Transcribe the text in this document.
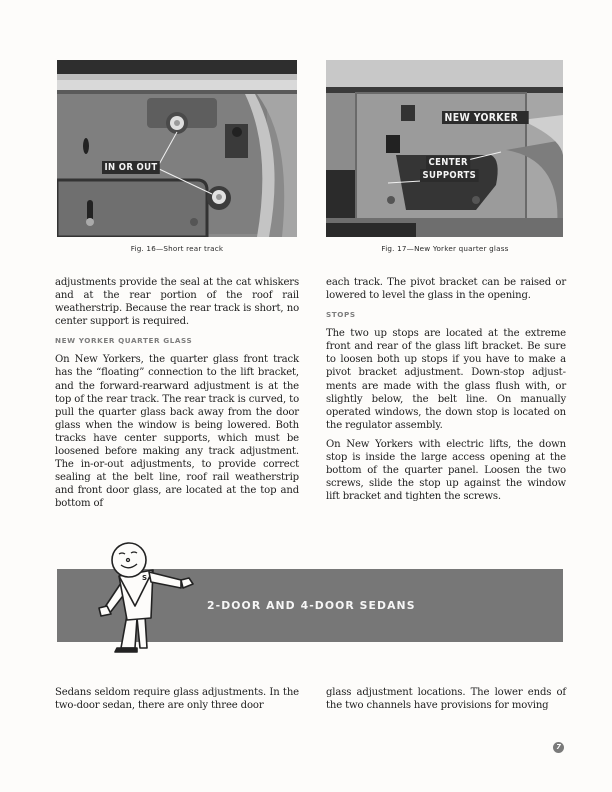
IN OR OUT
Fig. 16—Short rear track
NEW YORKER
CENTER
SUPPORTS
Fig. 17—New Yorker quarter glass

adjustments provide the seal at the cat whiskers and at the rear portion of the roof rail weatherstrip. Because the rear track is short, no center support is required.

NEW YORKER QUARTER GLASS

On New Yorkers, the quarter glass front track has the “floating” connection to the lift bracket, and the forward-rearward adjustment is at the top of the rear track. The rear track is curved, to pull the quarter glass back away from the door glass when the window is being lowered. Both tracks have center supports, which must be loosened before making any track adjustment. The in-or-out adjustments, to provide correct sealing at the belt line, roof rail weatherstrip and front door glass, are located at the top and bottom of

each track. The pivot bracket can be raised or lowered to level the glass in the opening.

STOPS

The two up stops are located at the extreme front and rear of the glass lift bracket. Be sure to loosen both up stops if you have to make a pivot bracket adjustment. Down-stop adjustments are made with the glass flush with, or slightly below, the belt line. On manually operated windows, the down stop is located on the regulator assembly.

On New Yorkers with electric lifts, the down stop is inside the large access opening at the bottom of the quarter panel. Loosen the two screws, slide the stop up against the window lift bracket and tighten the screws.

S
2-DOOR AND 4-DOOR SEDANS

Sedans seldom require glass adjustments. In the two-door sedan, there are only three door

glass adjustment locations. The lower ends of the two channels have provisions for moving

7
